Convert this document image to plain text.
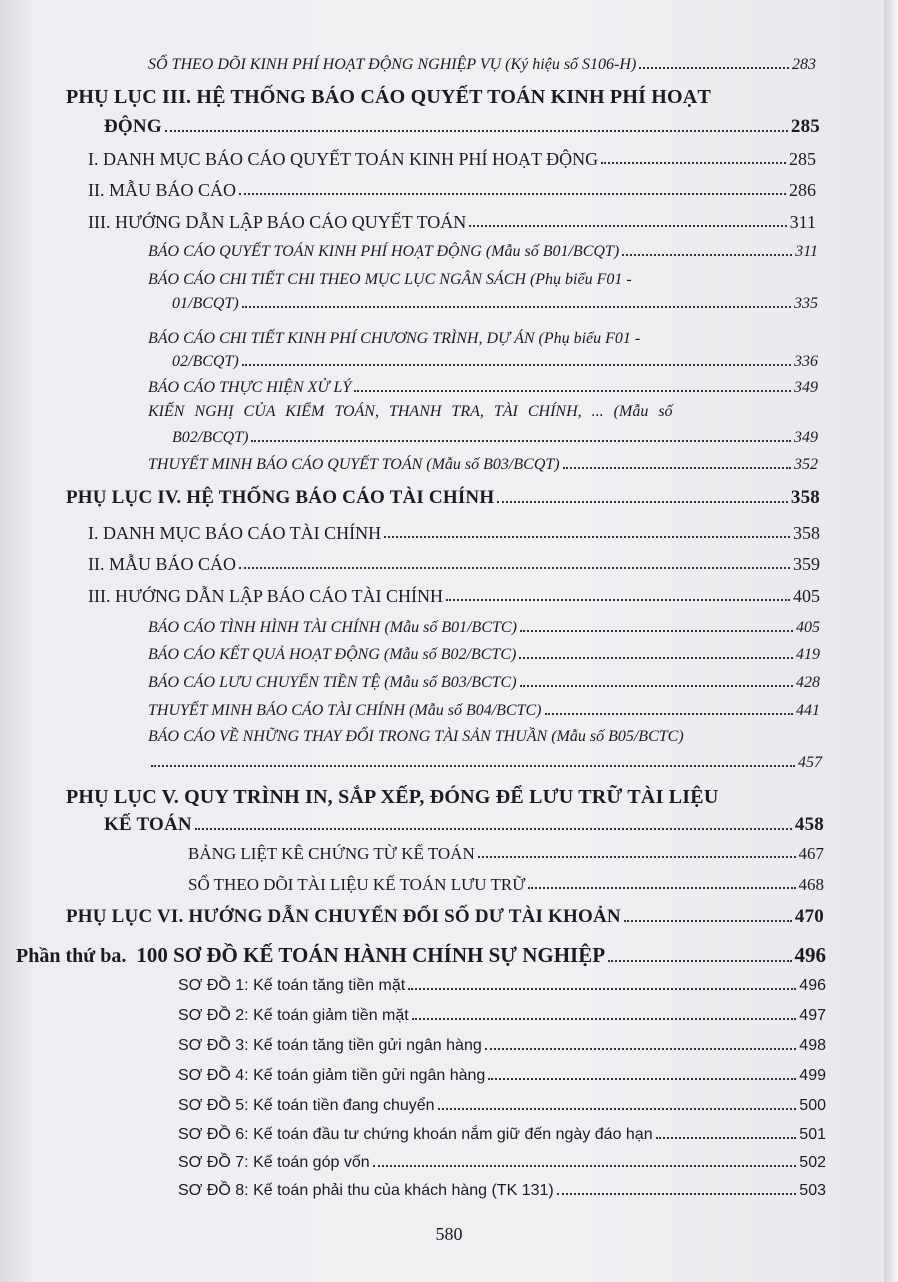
SỔ THEO DÕI KINH PHÍ HOẠT ĐỘNG NGHIỆP VỤ (Ký hiệu số S106-H)	283
PHỤ LỤC III. HỆ THỐNG BÁO CÁO QUYẾT TOÁN KINH PHÍ HOẠT
ĐỘNG	285
I. DANH MỤC BÁO CÁO QUYẾT TOÁN KINH PHÍ HOẠT ĐỘNG	285
II. MẪU BÁO CÁO	286
III. HƯỚNG DẪN LẬP BÁO CÁO QUYẾT TOÁN	311
BÁO CÁO QUYẾT TOÁN KINH PHÍ HOẠT ĐỘNG (Mẫu số B01/BCQT)	311
BÁO CÁO CHI TIẾT CHI THEO MỤC LỤC NGÂN SÁCH (Phụ biểu F01 -
01/BCQT)	335
BÁO CÁO CHI TIẾT KINH PHÍ CHƯƠNG TRÌNH, DỰ ÁN (Phụ biểu F01 -
02/BCQT)	336
BÁO CÁO THỰC HIỆN XỬ LÝ	349
KIẾN NGHỊ CỦA KIỂM TOÁN, THANH TRA, TÀI CHÍNH, ... (Mẫu số
B02/BCQT)	349
THUYẾT MINH BÁO CÁO QUYẾT TOÁN (Mẫu số B03/BCQT)	352
PHỤ LỤC IV. HỆ THỐNG BÁO CÁO TÀI CHÍNH	358
I. DANH MỤC BÁO CÁO TÀI CHÍNH	358
II. MẪU BÁO CÁO	359
III. HƯỚNG DẪN LẬP BÁO CÁO TÀI CHÍNH	405
BÁO CÁO TÌNH HÌNH TÀI CHÍNH (Mẫu số B01/BCTC)	405
BÁO CÁO KẾT QUẢ HOẠT ĐỘNG (Mẫu số B02/BCTC)	419
BÁO CÁO LƯU CHUYỂN TIỀN TỆ (Mẫu số B03/BCTC)	428
THUYẾT MINH BÁO CÁO TÀI CHÍNH (Mẫu số B04/BCTC)	441
BÁO CÁO VỀ NHỮNG THAY ĐỔI TRONG TÀI SẢN THUẦN (Mẫu số B05/BCTC)
457
PHỤ LỤC V. QUY TRÌNH IN, SẮP XẾP, ĐÓNG ĐỂ LƯU TRỮ TÀI LIỆU
KẾ TOÁN	458
BẢNG LIỆT KÊ CHỨNG TỪ KẾ TOÁN	467
SỔ THEO DÕI TÀI LIỆU KẾ TOÁN LƯU TRỮ	468
PHỤ LỤC VI. HƯỚNG DẪN CHUYỂN ĐỔI SỐ DƯ TÀI KHOẢN	470
Phần thứ ba. 100 SƠ ĐỒ KẾ TOÁN HÀNH CHÍNH SỰ NGHIỆP	496
SƠ ĐỒ 1: Kế toán tăng tiền mặt	496
SƠ ĐỒ 2: Kế toán giảm tiền mặt	497
SƠ ĐỒ 3: Kế toán tăng tiền gửi ngân hàng	498
SƠ ĐỒ 4: Kế toán giảm tiền gửi ngân hàng	499
SƠ ĐỒ 5: Kế toán tiền đang chuyển	500
SƠ ĐỒ 6: Kế toán đầu tư chứng khoán nắm giữ đến ngày đáo hạn	501
SƠ ĐỒ 7: Kế toán góp vốn	502
SƠ ĐỒ 8: Kế toán phải thu của khách hàng (TK 131)	503
580
